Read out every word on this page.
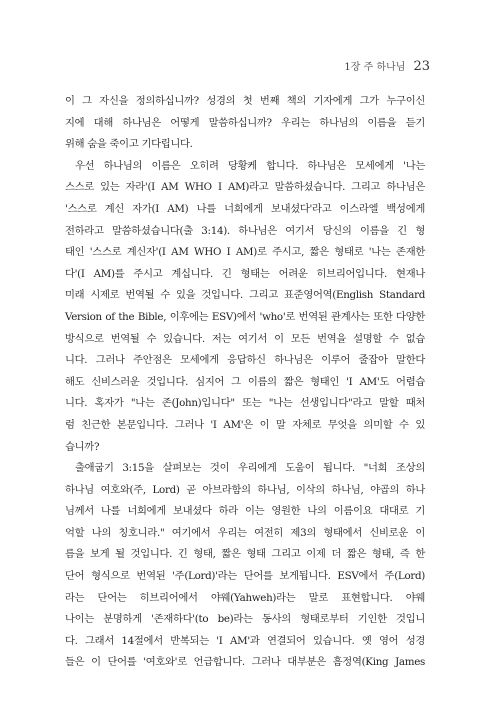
1장 주 하나님 23

이 그 자신을 정의하십니까? 성경의 첫 번째 책의 기자에게 그가 누구이신
지에 대해 하나님은 어떻게 말씀하십니까? 우리는 하나님의 이름을 듣기
위해 숨을 죽이고 기다립니다.

우선 하나님의 이름은 오히려 당황케 합니다. 하나님은 모세에게 '나는
스스로 있는 자라'(I AM WHO I AM)라고 말씀하셨습니다. 그리고 하나님은
'스스로 계신 자가(I AM) 나를 너희에게 보내셨다'라고 이스라엘 백성에게
전하라고 말씀하셨습니다(출 3:14). 하나님은 여기서 당신의 이름을 긴 형
태인 '스스로 계신자'(I AM WHO I AM)로 주시고, 짧은 형태로 '나는 존재한
다'(I AM)를 주시고 계십니다. 긴 형태는 어려운 히브리어입니다. 현재나
미래 시제로 번역될 수 있을 것입니다. 그리고 표준영어역(English Standard
Version of the Bible, 이후에는 ESV)에서 'who'로 번역된 관계사는 또한 다양한
방식으로 번역될 수 있습니다. 저는 여기서 이 모든 번역을 설명할 수 없습
니다. 그러나 주안점은 모세에게 응답하신 하나님은 이루어 줄잡아 말한다
해도 신비스러운 것입니다. 심지어 그 이름의 짧은 형태인 'I AM'도 어렵습
니다. 혹자가 "나는 존(John)입니다" 또는 "나는 선생입니다"라고 말할 때처
럼 친근한 본문입니다. 그러나 'I AM'은 이 말 자체로 무엇을 의미할 수 있
습니까?

출애굽기 3:15을 살펴보는 것이 우리에게 도움이 됩니다. "너희 조상의
하나님 여호와(주, Lord) 곧 아브라함의 하나님, 이삭의 하나님, 야곱의 하나
님께서 나를 너희에게 보내셨다 하라 이는 영원한 나의 이름이요 대대로 기
억할 나의 칭호니라." 여기에서 우리는 여전히 제3의 형태에서 신비로운 이
름을 보게 될 것입니다. 긴 형태, 짧은 형태 그리고 이제 더 짧은 형태, 즉 한
단어 형식으로 번역된 '주(Lord)'라는 단어를 보게됩니다. ESV에서 주(Lord)
라는 단어는 히브리어에서 야웨(Yahweh)라는 말로 표현합니다. 야웨
나이는 분명하게 '존재하다'(to be)라는 동사의 형태로부터 기인한 것입니
다. 그래서 14절에서 반복되는 'I AM'과 연결되어 있습니다. 옛 영어 성경
들은 이 단어를 '여호와'로 언급합니다. 그러나 대부분은 흠정역(King James
